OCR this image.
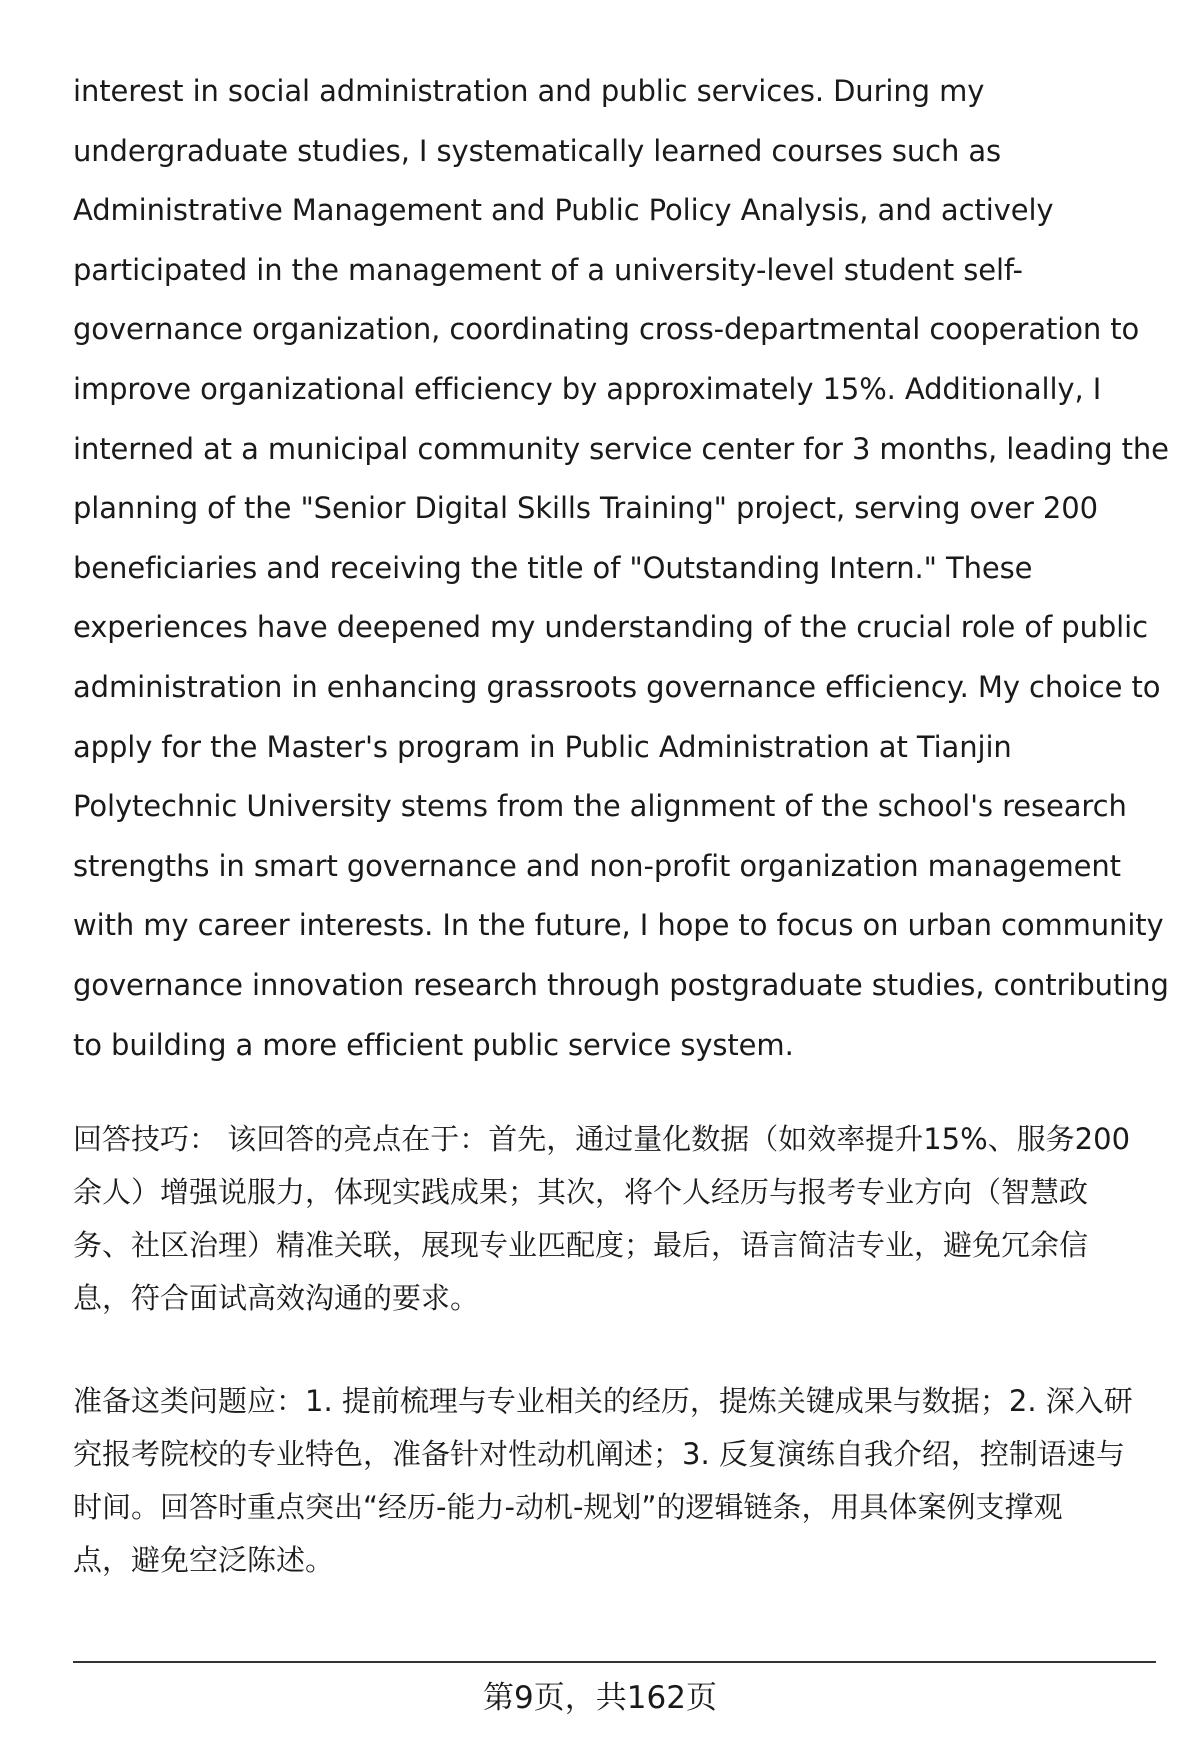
interest in social administration and public services. During my
undergraduate studies, I systematically learned courses such as
Administrative Management and Public Policy Analysis, and actively
participated in the management of a university-level student self-
governance organization, coordinating cross-departmental cooperation to
improve organizational efficiency by approximately 15%. Additionally, I
interned at a municipal community service center for 3 months, leading the
planning of the "Senior Digital Skills Training" project, serving over 200
beneficiaries and receiving the title of "Outstanding Intern." These
experiences have deepened my understanding of the crucial role of public
administration in enhancing grassroots governance efficiency. My choice to
apply for the Master's program in Public Administration at Tianjin
Polytechnic University stems from the alignment of the school's research
strengths in smart governance and non-profit organization management
with my career interests. In the future, I hope to focus on urban community
governance innovation research through postgraduate studies, contributing
to building a more efficient public service system.
回答技巧： 该回答的亮点在于：首先，通过量化数据（如效率提升15%、服务200
余人）增强说服力，体现实践成果；其次，将个人经历与报考专业方向（智慧政
务、社区治理）精准关联，展现专业匹配度；最后，语言简洁专业，避免冗余信
息，符合面试高效沟通的要求。
准备这类问题应：1. 提前梳理与专业相关的经历，提炼关键成果与数据；2. 深入研
究报考院校的专业特色，准备针对性动机阐述；3. 反复演练自我介绍，控制语速与
时间。回答时重点突出“经历-能力-动机-规划”的逻辑链条，用具体案例支撑观
点，避免空泛陈述。
第9页，共162页
